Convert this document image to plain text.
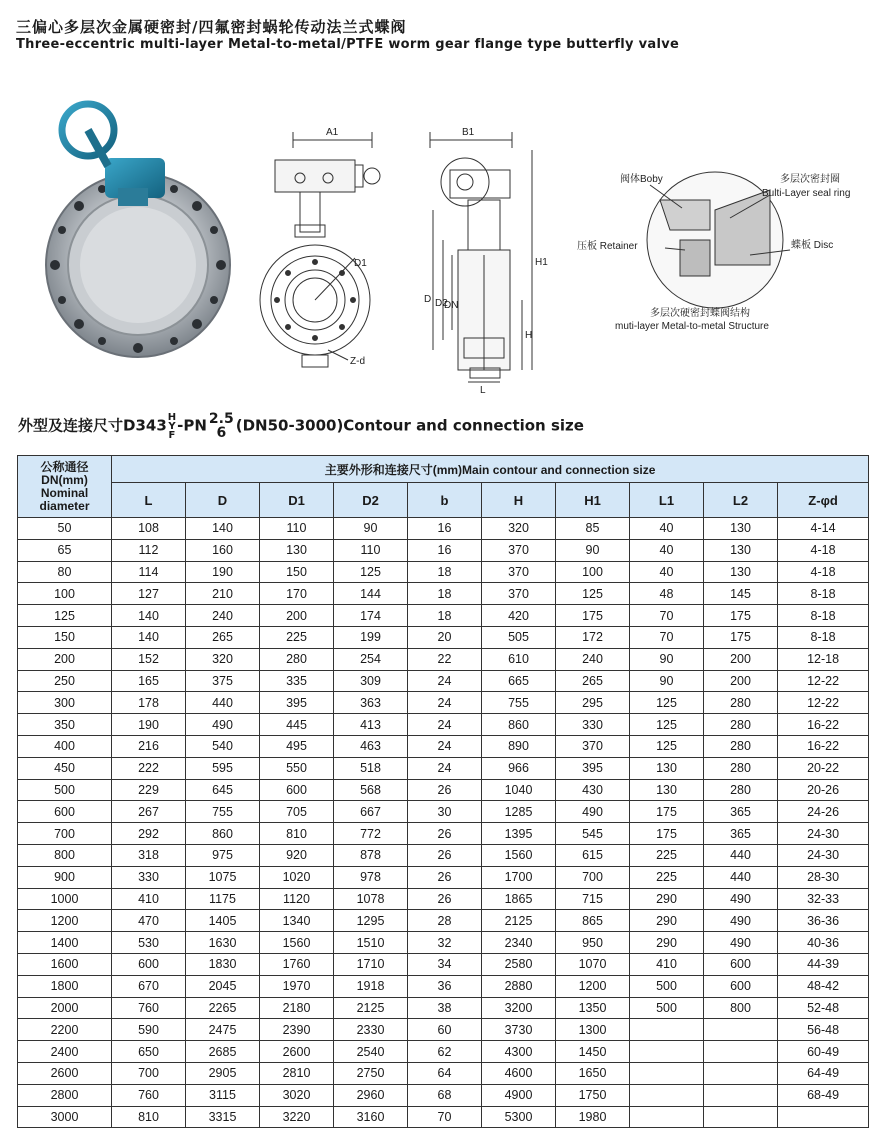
三偏心多层次金属硬密封/四氟密封蜗轮传动法兰式蝶阀
Three-eccentric multi-layer Metal-to-metal/PTFE worm gear flange type butterfly valve
A1
D1
Z-d
B1
D D2
DN
H1
H
L
阀体Boby	多层次密封圈
Bulti-Layer seal ring
压板 Retainer	蝶板 Disc
多层次硬密封蝶阀结构
muti-layer Metal-to-metal Structure
外型及连接尺寸D343 H
Y
F
-PN 2.5
6 (DN50-3000)Contour and connection size
公称通径
DN(mm)
Nominal
diameter	主要外形和连接尺寸(mm)Main contour and connection size									
	L	D	D1	D2	b	H	H1	L1	L2	Z-φd
50	108	140	110	90	16	320	85	40	130	4-14
65	112	160	130	110	16	370	90	40	130	4-18
80	114	190	150	125	18	370	100	40	130	4-18
100	127	210	170	144	18	370	125	48	145	8-18
125	140	240	200	174	18	420	175	70	175	8-18
150	140	265	225	199	20	505	172	70	175	8-18
200	152	320	280	254	22	610	240	90	200	12-18
250	165	375	335	309	24	665	265	90	200	12-22
300	178	440	395	363	24	755	295	125	280	12-22
350	190	490	445	413	24	860	330	125	280	16-22
400	216	540	495	463	24	890	370	125	280	16-22
450	222	595	550	518	24	966	395	130	280	20-22
500	229	645	600	568	26	1040	430	130	280	20-26
600	267	755	705	667	30	1285	490	175	365	24-26
700	292	860	810	772	26	1395	545	175	365	24-30
800	318	975	920	878	26	1560	615	225	440	24-30
900	330	1075	1020	978	26	1700	700	225	440	28-30
1000	410	1175	1120	1078	26	1865	715	290	490	32-33
1200	470	1405	1340	1295	28	2125	865	290	490	36-36
1400	530	1630	1560	1510	32	2340	950	290	490	40-36
1600	600	1830	1760	1710	34	2580	1070	410	600	44-39
1800	670	2045	1970	1918	36	2880	1200	500	600	48-42
2000	760	2265	2180	2125	38	3200	1350	500	800	52-48
2200	590	2475	2390	2330	60	3730	1300			56-48
2400	650	2685	2600	2540	62	4300	1450			60-49
2600	700	2905	2810	2750	64	4600	1650			64-49
2800	760	3115	3020	2960	68	4900	1750			68-49
3000	810	3315	3220	3160	70	5300	1980			
